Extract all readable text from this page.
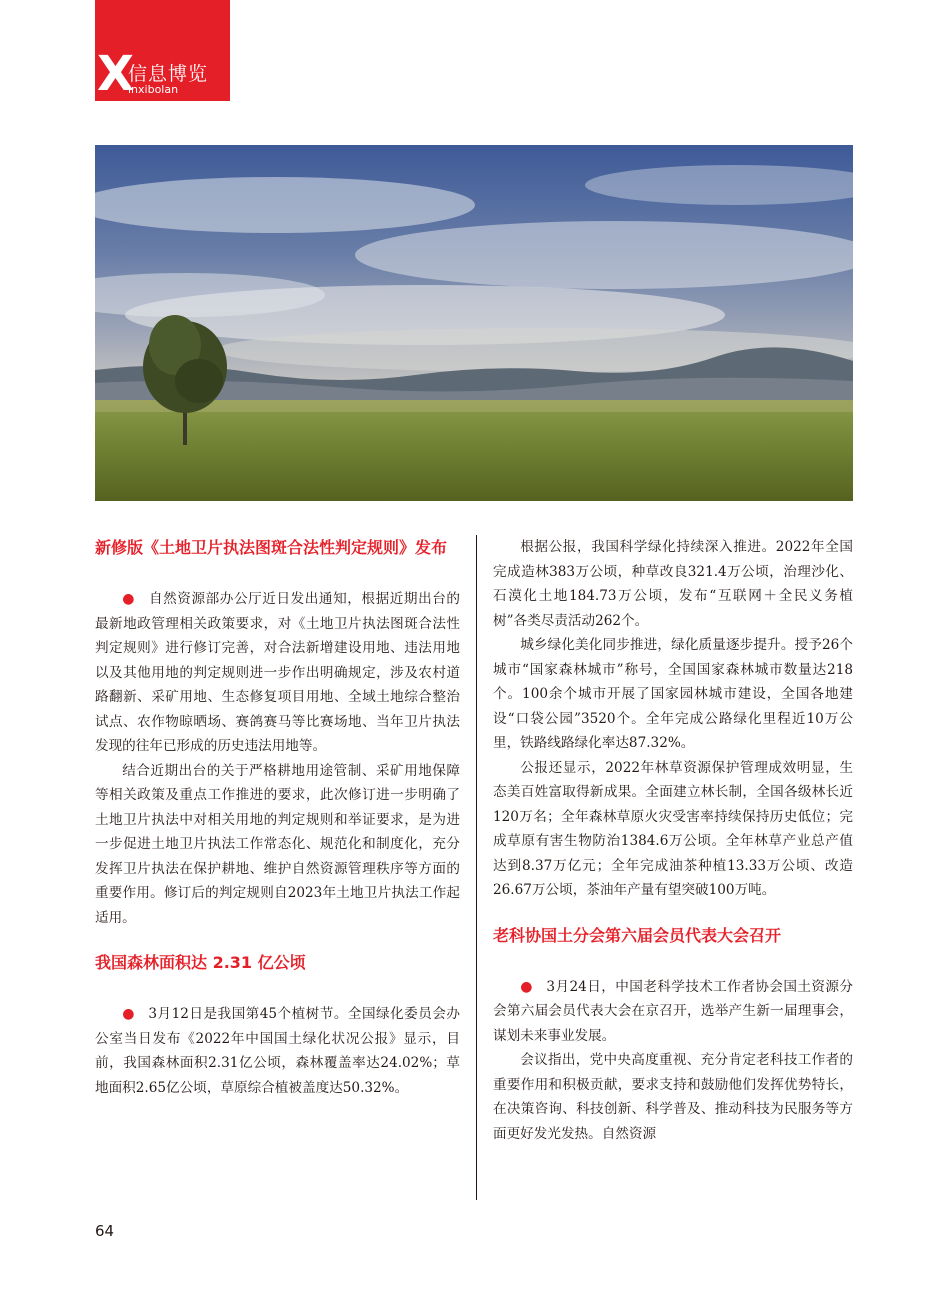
X
信息博览
inxibolan
新修版《土地卫片执法图斑合法性判定规则》发布

● 自然资源部办公厅近日发出通知，根据近期出台的最新地政管理相关政策要求，对《土地卫片执法图斑合法性判定规则》进行修订完善，对合法新增建设用地、违法用地以及其他用地的判定规则进一步作出明确规定，涉及农村道路翻新、采矿用地、生态修复项目用地、全域土地综合整治试点、农作物晾晒场、赛鸽赛马等比赛场地、当年卫片执法发现的往年已形成的历史违法用地等。

结合近期出台的关于严格耕地用途管制、采矿用地保障等相关政策及重点工作推进的要求，此次修订进一步明确了土地卫片执法中对相关用地的判定规则和举证要求，是为进一步促进土地卫片执法工作常态化、规范化和制度化，充分发挥卫片执法在保护耕地、维护自然资源管理秩序等方面的重要作用。修订后的判定规则自2023年土地卫片执法工作起适用。

我国森林面积达 2.31 亿公顷

● 3月12日是我国第45个植树节。全国绿化委员会办公室当日发布《2022年中国国土绿化状况公报》显示，目前，我国森林面积2.31亿公顷，森林覆盖率达24.02%；草地面积2.65亿公顷，草原综合植被盖度达50.32%。

根据公报，我国科学绿化持续深入推进。2022年全国完成造林383万公顷，种草改良321.4万公顷，治理沙化、石漠化土地184.73万公顷，发布“互联网＋全民义务植树”各类尽责活动262个。

城乡绿化美化同步推进，绿化质量逐步提升。授予26个城市“国家森林城市”称号，全国国家森林城市数量达218个。100余个城市开展了国家园林城市建设，全国各地建设“口袋公园”3520个。全年完成公路绿化里程近10万公里，铁路线路绿化率达87.32%。

公报还显示，2022年林草资源保护管理成效明显，生态美百姓富取得新成果。全面建立林长制，全国各级林长近120万名；全年森林草原火灾受害率持续保持历史低位；完成草原有害生物防治1384.6万公顷。全年林草产业总产值达到8.37万亿元；全年完成油茶种植13.33万公顷、改造26.67万公顷，茶油年产量有望突破100万吨。

老科协国土分会第六届会员代表大会召开

● 3月24日，中国老科学技术工作者协会国土资源分会第六届会员代表大会在京召开，选举产生新一届理事会，谋划未来事业发展。

会议指出，党中央高度重视、充分肯定老科技工作者的重要作用和积极贡献，要求支持和鼓励他们发挥优势特长，在决策咨询、科技创新、科学普及、推动科技为民服务等方面更好发光发热。自然资源

64
